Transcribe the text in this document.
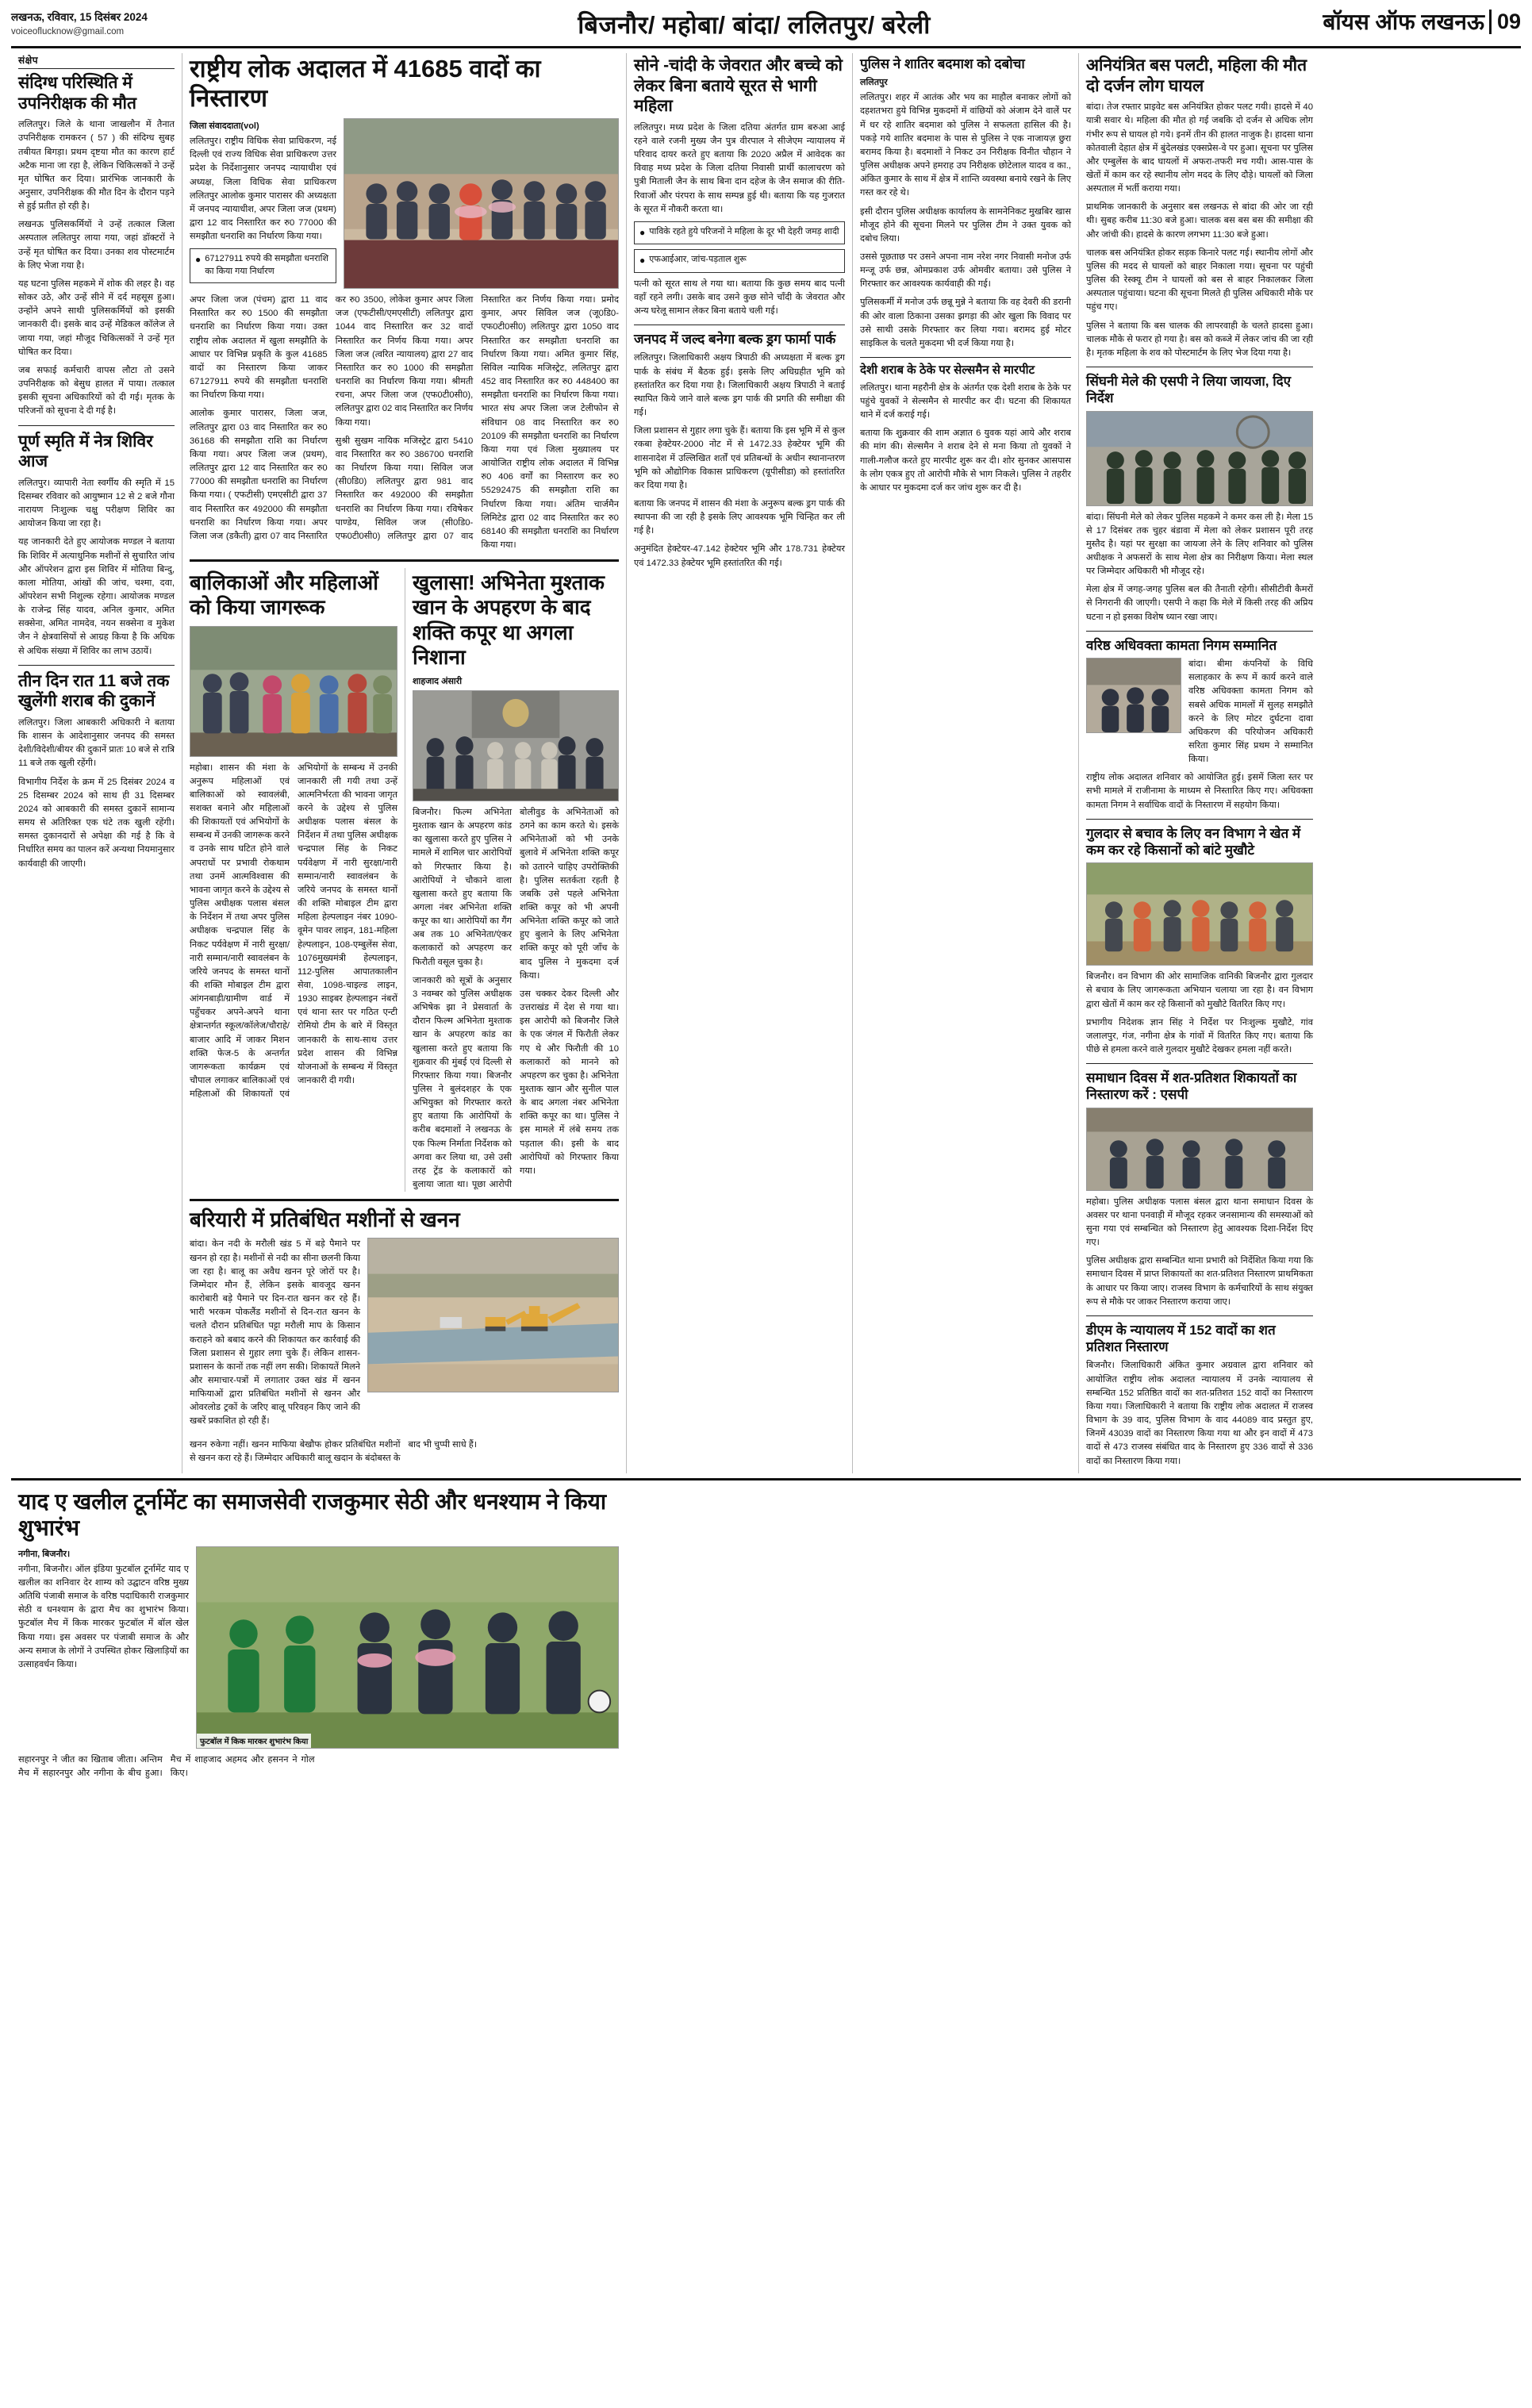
लखनऊ, रविवार, 15 दिसंबर 2024
voiceoflucknow@gmail.com	बिजनौर/ महोबा/ बांदा/ ललितपुर/ बरेली	बॉयस ऑफ लखनऊ 09
संक्षेप
संदिग्ध परिस्थिति में उपनिरीक्षक की मौत

ललितपुर। जिले के थाना जाखलौन में तैनात उपनिरीक्षक रामकरन ( 57 ) की संदिग्ध सुबह तबीयत बिगड़ा। प्रथम दृष्टया मौत का कारण हार्ट अटैक माना जा रहा है, लेकिन चिकित्सकों ने उन्हें मृत घोषित कर दिया। प्रारंभिक जानकारी के अनुसार, उपनिरीक्षक की मौत दिन के दौरान पड़ने से हुई प्रतीत हो रही है।

लखनऊ पुलिसकर्मियों ने उन्हें तत्काल जिला अस्पताल ललितपुर लाया गया, जहां डॉक्टरों ने उन्हें मृत घोषित कर दिया। उनका शव पोस्टमार्टम के लिए भेजा गया है।

यह घटना पुलिस महकमे में शोक की लहर है। वह सोकर उठे, और उन्हें सीने में दर्द महसूस हुआ। उन्होंने अपने साथी पुलिसकर्मियों को इसकी जानकारी दी। इसके बाद उन्हें मेडिकल कॉलेज ले जाया गया, जहां मौजूद चिकित्सकों ने उन्हें मृत घोषित कर दिया।

जब सफाई कर्मचारी वापस लौटा तो उसने उपनिरीक्षक को बेसुध हालत में पाया। तत्काल इसकी सूचना अधिकारियों को दी गई। मृतक के परिजनों को सूचना दे दी गई है।

पूर्ण स्मृति में नेत्र शिविर आज

ललितपुर। व्यापारी नेता स्वर्गीय की स्मृति में 15 दिसम्बर रविवार को आयुष्मान 12 से 2 बजे गौना नारायण निःशुल्क चक्षु परीक्षण शिविर का आयोजन किया जा रहा है।

यह जानकारी देते हुए आयोजक मण्डल ने बताया कि शिविर में अत्याधुनिक मशीनों से सुचारित जांच और ऑपरेशन द्वारा इस शिविर में मोतिया बिन्दु, काला मोतिया, आंखों की जांच, चश्मा, दवा, ऑपरेशन सभी निशुल्क रहेगा। आयोजक मण्डल के राजेन्द्र सिंह यादव, अनिल कुमार, अमित सक्सेना, अमित नामदेव, नयन सक्सेना व मुकेश जैन ने क्षेत्रवासियों से आग्रह किया है कि अधिक से अधिक संख्या में शिविर का लाभ उठायें।

तीन दिन रात 11 बजे तक खुलेंगी शराब की दुकानें

ललितपुर। जिला आबकारी अधिकारी ने बताया कि शासन के आदेशानुसार जनपद की समस्त देशी/विदेशी/बीयर की दुकानें प्रातः 10 बजे से रात्रि 11 बजे तक खुली रहेंगी।

विभागीय निर्देश के क्रम में 25 दिसंबर 2024 व 25 दिसम्बर 2024 को साथ ही 31 दिसम्बर 2024 को आबकारी की समस्त दुकानें सामान्य समय से अतिरिक्त एक घंटे तक खुली रहेंगी। समस्त दुकानदारों से अपेक्षा की गई है कि वे निर्धारित समय का पालन करें अन्यथा नियमानुसार कार्यवाही की जाएगी।

राष्ट्रीय लोक अदालत में 41685 वादों का निस्तारण
जिला संवाददाता(vol)

ललितपुर। राष्ट्रीय विधिक सेवा प्राधिकरण, नई दिल्ली एवं राज्य विधिक सेवा प्राधिकरण उत्तर प्रदेश के निर्देशानुसार जनपद न्यायाधीश एवं अध्यक्ष, जिला विधिक सेवा प्राधिकरण ललितपुर आलोक कुमार पारासर की अध्यक्षता में जनपद न्यायाधीश, अपर जिला जज (प्रथम) द्वारा 12 वाद निस्तारित कर रु0 77000 की समझौता धनराशि का निर्धारण किया गया।

● 67127911 रुपये की समझौता धनराशि का किया गया निर्धारण

अपर जिला जज (पंचम) द्वारा 11 वाद निस्तारित कर रु0 1500 की समझौता धनराशि का निर्धारण किया गया। उक्त राष्ट्रीय लोक अदालत में खुला समझौति के आधार पर विभिन्न प्रकृति के कुल 41685 वादों का निस्तारण किया जाकर 67127911 रुपये की समझौता धनराशि का निर्धारण किया गया।

आलोक कुमार पारासर, जिला जज, ललितपुर द्वारा 03 वाद निस्तारित कर रु0 36168 की समझौता राशि का निर्धारण किया गया। अपर जिला जज (प्रथम), ललितपुर द्वारा 12 वाद निस्तारित कर रु0 77000 की समझौता धनराशि का निर्धारण किया गया। ( एफटीसी) एमएसीटी द्वारा 37 वाद निस्तारित कर 492000 की समझौता धनराशि का निर्धारण किया गया। अपर जिला जज (डकैती) द्वारा 07 वाद निस्तारित कर रु0 3500, लोकेश कुमार अपर जिला जज (एफटीसी/एमएसीटी) ललितपुर द्वारा 1044 वाद निस्तारित कर 32 वादों निस्तारित कर निर्णय किया गया। अपर जिला जज (त्वरित न्यायालय) द्वारा 27 वाद निस्तारित कर रु0 1000 की समझौता धनराशि का निर्धारण किया गया। श्रीमती रचना, अपर जिला जज (एफ0टी0सी0), ललितपुर द्वारा 02 वाद निस्तारित कर निर्णय किया गया।

सुश्री सुखम नायिक मजिस्ट्रेट द्वारा 5410 वाद निस्तारित कर रु0 386700 धनराशि का निर्धारण किया गया। सिविल जज (सी0डि0) ललितपुर द्वारा 981 वाद निस्तारित कर 492000 की समझौता धनराशि का निर्धारण किया गया। रविषेकर पाण्डेय, सिविल जज (सी0डि0-एफ0टी0सी0) ललितपुर द्वारा 07 वाद निस्तारित कर निर्णय किया गया। प्रमोद कुमार, अपर सिविल जज (जू0डि0-एफ0टी0सी0) ललितपुर द्वारा 1050 वाद निस्तारित कर समझौता धनराशि का निर्धारण किया गया। अमित कुमार सिंह, सिविल न्यायिक मजिस्ट्रेट, ललितपुर द्वारा 452 वाद निस्तारित कर रु0 448400 का समझौता धनराशि का निर्धारण किया गया। भारत संघ अपर जिला जज टेलीफोन से संविधान 08 वाद निस्तारित कर रु0 20109 की समझौता धनराशि का निर्धारण किया गया एवं जिला मुख्यालय पर आयोजित राष्ट्रीय लोक अदालत में विभिन्न रु0 406 वर्गों का निस्तारण कर रु0 55292475 की समझौता राशि का निर्धारण किया गया। अंतिम चार्जमैन लिमिटेड द्वारा 02 वाद निस्तारित कर रु0 68140 की समझौता धनराशि का निर्धारण किया गया।

बालिकाओं और महिलाओं को किया जागरूक

महोबा। शासन की मंशा के अनुरूप महिलाओं एवं बालिकाओं को स्वावलंबी, सशक्त बनाने और महिलाओं की शिकायतों एवं अभियोगों के सम्बन्ध में उनकी जागरूक करने व उनके साथ घटित होने वाले अपराधों पर प्रभावी रोकथाम तथा उनमें आत्मविश्वास की भावना जागृत करने के उद्देश्य से पुलिस अधीक्षक पलास बंसल के निर्देशन में तथा अपर पुलिस अधीक्षक चन्द्रपाल सिंह के निकट पर्यवेक्षण में नारी सुरक्षा/नारी सम्मान/नारी स्वावलंबन के जरिये जनपद के समस्त थानों की शक्ति मोबाइल टीम द्वारा आंगनबाड़ी/ग्रामीण वार्ड में पहुँचकर अपने-अपने थाना क्षेत्रान्तर्गत स्कूल/कॉलेज/चौराहे/बाजार आदि में जाकर मिशन शक्ति फेज-5 के अन्तर्गत जागरूकता कार्यक्रम एवं चौपाल लगाकर बालिकाओं एवं महिलाओं की शिकायतों एवं अभियोगों के सम्बन्ध में उनकी जानकारी ली गयी तथा उन्हें आत्मनिर्भरता की भावना जागृत करने के उद्देश्य से पुलिस अधीक्षक पलास बंसल के निर्देशन में तथा पुलिस अधीक्षक चन्द्रपाल सिंह के निकट पर्यवेक्षण में नारी सुरक्षा/नारी सम्मान/नारी स्वावलंबन के जरिये जनपद के समस्त थानों की शक्ति मोबाइल टीम द्वारा महिला हेल्पलाइन नंबर 1090-वूमेन पावर लाइन, 181-महिला हेल्पलाइन, 108-एम्बुलेंस सेवा, 1076मुख्यमंत्री हेल्पलाइन, 112-पुलिस आपातकालीन सेवा, 1098-चाइल्ड लाइन, 1930 साइबर हेल्पलाइन नंबरों एवं थाना स्तर पर गठित एन्टी रोमियो टीम के बारे में विस्तृत जानकारी के साथ-साथ उत्तर प्रदेश शासन की विभिन्न योजनाओं के सम्बन्ध में विस्तृत जानकारी दी गयी।

खुलासा! अभिनेता मुश्ताक खान के अपहरण के बाद शक्ति कपूर था अगला निशाना
शाहजाद अंसारी

बिजनौर। फिल्म अभिनेता मुश्ताक खान के अपहरण कांड का खुलासा करते हुए पुलिस ने मामले में शामिल चार आरोपियों को गिरफ्तार किया है। आरोपियों ने चौकाने वाला खुलासा करते हुए बताया कि अगला नंबर अभिनेता शक्ति कपूर का था। आरोपियों का गैंग अब तक 10 अभिनेता/एंकर कलाकारों को अपहरण कर फिरौती वसूल चुका है।

जानकारी को सूत्रों के अनुसार 3 नवम्बर को पुलिस अधीक्षक अभिषेक झा ने प्रेसवार्ता के दौरान फिल्म अभिनेता मुश्ताक खान के अपहरण कांड का खुलासा करते हुए बताया कि शुक्रवार की मुंबई एवं दिल्ली से गिरफ्तार किया गया। बिजनौर पुलिस ने बुलंदशहर के एक अभियुक्त को गिरफ्तार करते हुए बताया कि आरोपियों के करीब बदमाशों ने लखनऊ के एक फिल्म निर्माता निर्देशक को अगवा कर लिया था, उसे उसी तरह ट्रेंड के कलाकारों को बुलाया जाता था। पूछा आरोपी बोलीवुड के अभिनेताओं को ठगने का काम करते थे। इसके अभिनेताओं को भी उनके बुलावे में अभिनेता शक्ति कपूर को उतारने चाहिए उपरोक्तिकी है। पुलिस सतर्कता रहती है जबकि उसे पहले अभिनेता शक्ति कपूर को भी अपनी अभिनेता शक्ति कपूर को जाते हुए बुलाने के लिए अभिनेता शक्ति कपूर को पूरी जाँच के बाद पुलिस ने मुकदमा दर्ज किया।

उस चक्कर देकर दिल्ली और उत्तराखंड में देश से गया था। इस आरोपी को बिजनौर जिले के एक जंगल में फिरौती लेकर गए थे और फिरौती की 10 कलाकारों को मानने को अपहरण कर चुका है। अभिनेता मुश्ताक खान और सुनील पाल के बाद अगला नंबर अभिनेता शक्ति कपूर का था। पुलिस ने इस मामले में लंबे समय तक पड़ताल की। इसी के बाद आरोपियों को गिरफ्तार किया गया।

बरियारी में प्रतिबंधित मशीनों से खनन

बांदा। केन नदी के मरौली खंड 5 में बड़े पैमाने पर खनन हो रहा है। मशीनों से नदी का सीना छलनी किया जा रहा है। बालू का अवैध खनन पूरे जोरों पर है। जिम्मेदार मौन हैं, लेकिन इसके बावजूद खनन कारोबारी बड़े पैमाने पर दिन-रात खनन कर रहे हैं। भारी भरकम पोकलैंड मशीनों से दिन-रात खनन के चलते दौरान प्रतिबंधित पट्टा मरौली माप के किसान कराहने को बबाद करने की शिकायत कर कार्रवाई की जिला प्रशासन से गुहार लगा चुके हैं। लेकिन शासन-प्रशासन के कानों तक नहीं लग सकी। शिकायतें मिलने और समाचार-पत्रों में लगातार उक्त खंड में खनन माफियाओं द्वारा प्रतिबंधित मशीनों से खनन और ओवरलोड ट्रकों के जरिए बालू परिवहन किए जाने की खबरें प्रकाशित हो रही हैं।

खनन रुकेगा नहीं। खनन माफिया बेखौफ होकर प्रतिबंधित मशीनों से खनन करा रहे हैं। जिम्मेदार अधिकारी बालू खदान के बंदोबस्त के बाद भी चुप्पी साधे हैं।

सोने -चांदी के जेवरात और बच्चे को लेकर बिना बताये सूरत से भागी महिला

ललितपुर। मध्य प्रदेश के जिला दतिया अंतर्गत ग्राम बरुआ आई रहने वाले रजनी मुख्य जैन पुत्र वीरपाल ने सीजेएम न्यायालय में परिवाद दायर करते हुए बताया कि 2020 अप्रैल में आवेदक का विवाह मध्य प्रदेश के जिला दतिया निवासी प्रार्थी कालाचरण को पुत्री मिताली जैन के साथ बिना दान दहेज के जैन समाज की रीति-रिवाजों और पंरपरा के साथ सम्पन्न हुई थी। बताया कि यह गुजरात के सूरत में नौकरी करता था।

● पाविके रहते हुये परिजनों ने महिला के दूर भी देहरी जमड़ शादी
● एफआईआर, जांच-पड़ताल शुरू

पत्नी को सूरत साथ ले गया था। बताया कि कुछ समय बाद पत्नी वहाँ रहने लगी। उसके बाद उसने कुछ सोने चाँदी के जेवरात और अन्य घरेलू सामान लेकर बिना बताये चली गई।

जनपद में जल्द बनेगा बल्क ड्रग फार्मा पार्क

ललितपुर। जिलाधिकारी अक्षय त्रिपाठी की अध्यक्षता में बल्क ड्रग पार्क के संबंध में बैठक हुई। इसके लिए अधिग्रहीत भूमि को हस्तांतरित कर दिया गया है। जिलाधिकारी अक्षय त्रिपाठी ने बताई स्थापित किये जाने वाले बल्क ड्रग पार्क की प्रगति की समीक्षा की गई।

जिला प्रशासन से गुहार लगा चुके हैं। बताया कि इस भूमि में से कुल रकबा हेक्टेयर-2000 नोट में से 1472.33 हेक्टेयर भूमि की शासनादेश में उल्लिखित शर्तों एवं प्रतिबन्धों के अधीन स्थानान्तरण भूमि को औद्योगिक विकास प्राधिकरण (यूपीसीडा) को हस्तांतरित कर दिया गया है।

बताया कि जनपद में शासन की मंशा के अनुरूप बल्क ड्रग पार्क की स्थापना की जा रही है इसके लिए आवश्यक भूमि चिन्हित कर ली गई है।

अनुमंदित हेक्टेयर-47.142 हेक्टेयर भूमि और 178.731 हेक्टेयर एवं 1472.33 हेक्टेयर भूमि हस्तांतरित की गई।

पुलिस ने शातिर बदमाश को दबोचा
ललितपुर

ललितपुर। शहर में आतंक और भय का माहौल बनाकर लोगों को दहशतभरा हुये विभिन्न मुकदमों में वांछियों को अंजाम देने वालेें पर में धर रहे शातिर बदमाश को पुलिस ने सफलता हासिल की है। पकड़े गये शातिर बदमाश के पास से पुलिस ने एक नाजायज़ छुरा बरामद किया है। बदमाशों ने निकट उन निरीक्षक विनीत चौहान ने पुलिस अधीक्षक अपने हमराह उप निरीक्षक छोटेलाल यादव व का., अंकित कुमार के साथ में क्षेत्र में शान्ति व्यवस्था बनाये रखने के लिए गस्त कर रहे थे।

इसी दौरान पुलिस अधीक्षक कार्यालय के सामनेनिकट मुखबिर खास मौजूद होने की सूचना मिलने पर पुलिस टीम ने उक्त युवक को दबोच लिया।

उससे पूछताछ पर उसने अपना नाम नरेश नगर निवासी मनोज उर्फ मन्जू उर्फ छन्न, ओमप्रकाश उर्फ ओमवीर बताया। उसे पुलिस ने गिरफ्तार कर आवश्यक कार्यवाही की गई।

पुलिसकर्मी में मनोज उर्फ छन्नू मुन्ने ने बताया कि वह देवरी की डरानी की ओर वाला ठिकाना उसका झगड़ा की ओर खुला कि विवाद पर उसे साथी उसके गिरफ्तार कर लिया गया। बरामद हुई मोटर साइकिल के चलते मुकदमा भी दर्ज किया गया है।

देशी शराब के ठेके पर सेल्समैन से मारपीट

ललितपुर। थाना महरौनी क्षेत्र के अंतर्गत एक देशी शराब के ठेके पर पहुंचे युवकों ने सेल्समैन से मारपीट कर दी। घटना की शिकायत थाने में दर्ज कराई गई।

बताया कि शुक्रवार की शाम अज्ञात 6 युवक यहां आये और शराब की मांग की। सेल्समैन ने शराब देने से मना किया तो युवकों ने गाली-गलौज करते हुए मारपीट शुरू कर दी। शोर सुनकर आसपास के लोग एकत्र हुए तो आरोपी मौके से भाग निकले। पुलिस ने तहरीर के आधार पर मुकदमा दर्ज कर जांच शुरू कर दी है।

अनियंत्रित बस पलटी, महिला की मौत दो दर्जन लोग घायल

बांदा। तेज रफ्तार प्राइवेट बस अनियंत्रित होकर पलट गयी। हादसे में 40 यात्री सवार थे। महिला की मौत हो गई जबकि दो दर्जन से अधिक लोग गंभीर रूप से घायल हो गये। इनमें तीन की हालत नाजुक है। हादसा थाना कोतवाली देहात क्षेत्र में बुंदेलखंड एक्सप्रेस-वे पर हुआ। सूचना पर पुलिस और एम्बुलेंस के बाद घायलों में अफरा-तफरी मच गयी। आस-पास के खेतों में काम कर रहे स्थानीय लोग मदद के लिए दौड़े। घायलों को जिला अस्पताल में भर्ती कराया गया।

प्राथमिक जानकारी के अनुसार बस लखनऊ से बांदा की ओर जा रही थी। सुबह करीब 11:30 बजे हुआ। चालक बस बस बस की समीक्षा की और जांची की। हादसे के कारण लगभग 11:30 बजे हुआ।

चालक बस अनियंत्रित होकर सड़क किनारे पलट गई। स्थानीय लोगों और पुलिस की मदद से घायलों को बाहर निकाला गया। सूचना पर पहुंची पुलिस की रेस्क्यू टीम ने घायलों को बस से बाहर निकालकर जिला अस्पताल पहुंचाया। घटना की सूचना मिलते ही पुलिस अधिकारी मौके पर पहुंच गए।

पुलिस ने बताया कि बस चालक की लापरवाही के चलते हादसा हुआ। चालक मौके से फरार हो गया है। बस को कब्जे में लेकर जांच की जा रही है। मृतक महिला के शव को पोस्टमार्टम के लिए भेज दिया गया है।

सिंघनी मेले की एसपी ने लिया जायजा, दिए निर्देश

बांदा। सिंघनी मेले को लेकर पुलिस महकमे ने कमर कस ली है। मेला 15 से 17 दिसंबर तक चुहर बंडावा में मेला को लेकर प्रशासन पूरी तरह मुस्तैद है। यहां पर सुरक्षा का जायजा लेने के लिए शनिवार को पुलिस अधीक्षक ने अफसरों के साथ मेला क्षेत्र का निरीक्षण किया। मेला स्थल पर जिम्मेदार अधिकारी भी मौजूद रहे।

मेला क्षेत्र में जगह-जगह पुलिस बल की तैनाती रहेगी। सीसीटीवी कैमरों से निगरानी की जाएगी। एसपी ने कहा कि मेले में किसी तरह की अप्रिय घटना न हो इसका विशेष ध्यान रखा जाए।

वरिष्ठ अधिवक्ता कामता निगम सम्मानित

बांदा। बीमा कंपनियों के विधि सलाहकार के रूप में कार्य करने वाले वरिष्ठ अधिवक्ता कामता निगम को सबसे अधिक मामलों में सुलह समझौते करने के लिए मोटर दुर्घटना दावा अधिकरण की परियोजन अधिकारी सरिता कुमार सिंह प्रथम ने सम्मानित किया।

राष्ट्रीय लोक अदालत शनिवार को आयोजित हुई। इसमें जिला स्तर पर सभी मामले में राजीनामा के माध्यम से निस्तारित किए गए। अधिवक्ता कामता निगम ने सर्वाधिक वादों के निस्तारण में सहयोग किया।

गुलदार से बचाव के लिए वन विभाग ने खेत में कम कर रहे किसानों को बांटे मुखौटे

बिजनौर। वन विभाग की ओर सामाजिक वानिकी बिजनौर द्वारा गुलदार से बचाव के लिए जागरूकता अभियान चलाया जा रहा है। वन विभाग द्वारा खेतों में काम कर रहे किसानों को मुखौटे वितरित किए गए।

प्रभागीय निदेशक ज्ञान सिंह ने निर्देश पर निःशुल्क मुखौटे, गांव जलालपुर, गंज, नगीना क्षेत्र के गांवों में वितरित किए गए। बताया कि पीछे से हमला करने वाले गुलदार मुखौटे देखकर हमला नहीं करते।

समाधान दिवस में शत-प्रतिशत शिकायतों का निस्तारण करें : एसपी

महोबा। पुलिस अधीक्षक पलास बंसल द्वारा थाना समाधान दिवस के अवसर पर थाना पनवाड़ी में मौजूद रहकर जनसामान्य की समस्याओं को सुना गया एवं सम्बन्धित को निस्तारण हेतु आवश्यक दिशा-निर्देश दिए गए।

पुलिस अधीक्षक द्वारा सम्बन्धित थाना प्रभारी को निर्देशित किया गया कि समाधान दिवस में प्राप्त शिकायतों का शत-प्रतिशत निस्तारण प्राथमिकता के आधार पर किया जाए। राजस्व विभाग के कर्मचारियों के साथ संयुक्त रूप से मौके पर जाकर निस्तारण कराया जाए।

डीएम के न्यायालय में 152 वादों का शत प्रतिशत निस्तारण

बिजनौर। जिलाधिकारी अंकित कुमार अग्रवाल द्वारा शनिवार को आयोजित राष्ट्रीय लोक अदालत न्यायालय में उनके न्यायालय से सम्बन्धित 152 प्रतिष्ठित वादों का शत-प्रतिशत 152 वादों का निस्तारण किया गया। जिलाधिकारी ने बताया कि राष्ट्रीय लोक अदालत में राजस्व विभाग के 39 वाद, पुलिस विभाग के वाद 44089 वाद प्रस्तुत हुए, जिनमें 43039 वादों का निस्तारण किया गया था और इन वादों में 473 वादों से 473 राजस्व संबंधित वाद के निस्तारण हुए 336 वादों से 336 वादों का निस्तारण किया गया।

याद ए खलील टूर्नामेंट का समाजसेवी राजकुमार सेठी और धनश्याम ने किया शुभारंभ
नगीना, बिजनौर।

नगीना, बिजनौर। ऑल इंडिया फुटबॉल टूर्नामेंट याद ए खलील का शनिवार देर शाम्य को उद्घाटन वरिष्ठ मुख्य अतिथि पंजाबी समाज के वरिष्ठ पदाधिकारी राजकुमार सेठी व धनश्याम के द्वारा मैच का शुभारंभ किया। फुटबॉल मैच में किक मारकर फुटबॉल में बॉल खेल किया गया। इस अवसर पर पंजाबी समाज के और अन्य समाज के लोगों ने उपस्थित होकर खिलाड़ियों का उत्साहवर्धन किया।

फुटबॉल में किक मारकर शुभारंभ किया

सहारनपुर ने जीत का खिताब जीता। अन्तिम मैच में सहारनपुर और नगीना के बीच हुआ। मैच में शाहजाद अहमद और हसनन ने गोल किए।
